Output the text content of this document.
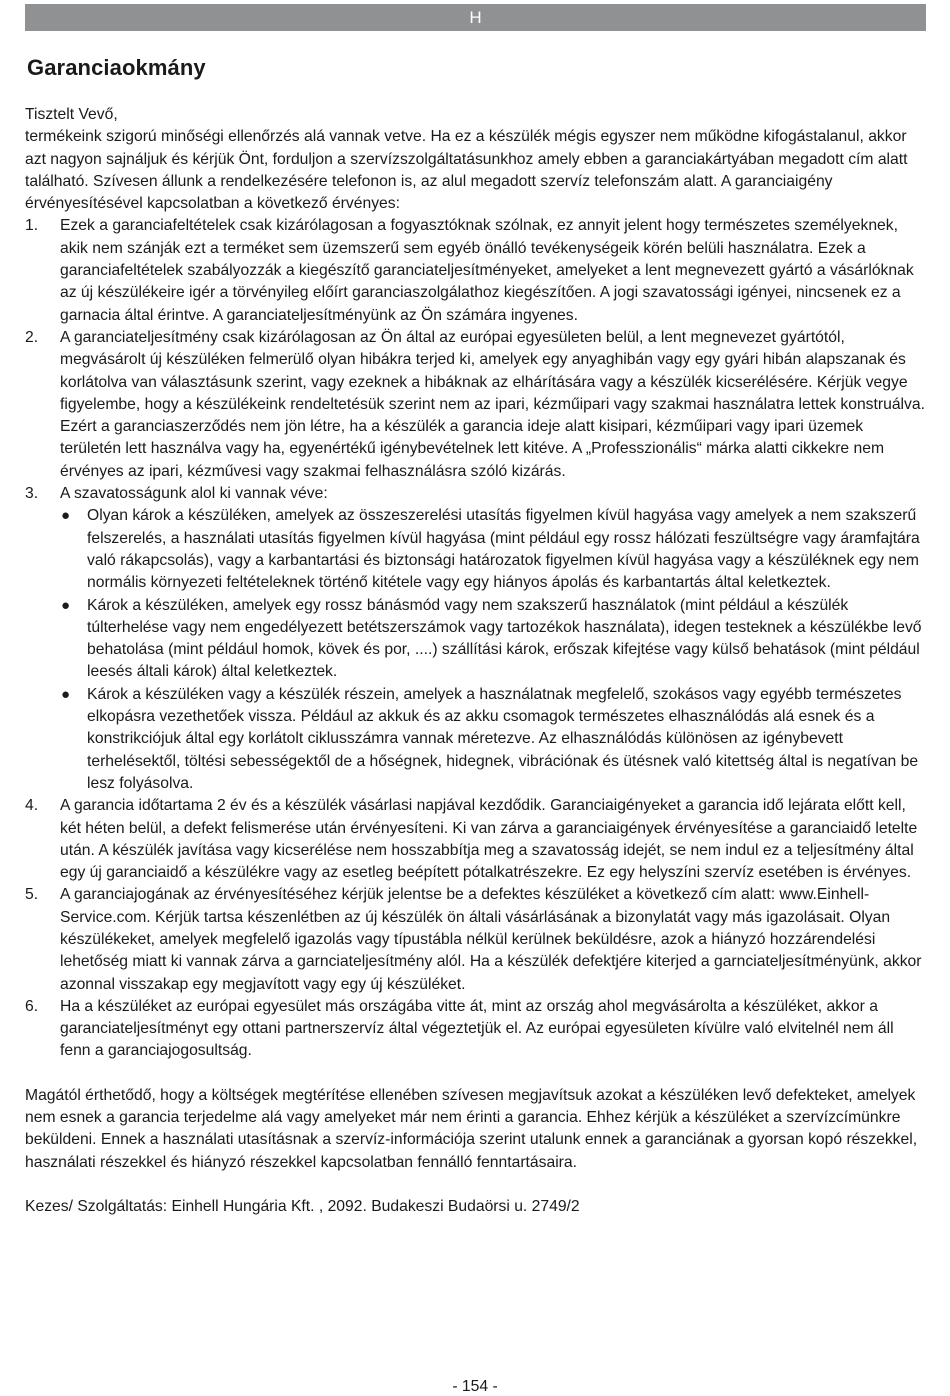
H
Garanciaokmány

Tisztelt Vevő,

termékeink szigorú minőségi ellenőrzés alá vannak vetve. Ha ez a készülék mégis egyszer nem működne kifogástalanul, akkor azt nagyon sajnáljuk és kérjük Önt, forduljon a szervízszolgáltatásunkhoz amely ebben a garanciakártyában megadott cím alatt található. Szívesen állunk a rendelkezésére telefonon is, az alul megadott szervíz telefonszám alatt. A garanciaigény érvényesítésével kapcsolatban a következő érvényes:

1.	Ezek a garanciafeltételek csak kizárólagosan a fogyasztóknak szólnak, ez annyit jelent hogy természetes személyeknek, akik nem szánják ezt a terméket sem üzemszerű sem egyéb önálló tevékenységeik körén belüli használatra. Ezek a garanciafeltételek szabályozzák a kiegészítő garanciateljesítményeket, amelyeket a lent megnevezett gyártó a vásárlóknak az új készülékeire igér a törvényileg előírt garanciaszolgálathoz kiegészítően. A jogi szavatossági igényei, nincsenek ez a garnacia által érintve. A garanciateljesítményünk az Ön számára ingyenes.
2.	A garanciateljesítmény csak kizárólagosan az Ön által az európai egyesületen belül, a lent megnevezet gyártótól, megvásárolt új készüléken felmerülő olyan hibákra terjed ki, amelyek egy anyaghibán vagy egy gyári hibán alapszanak és korlátolva van választásunk szerint, vagy ezeknek a hibáknak az elhárítására vagy a készülék kicserélésére. Kérjük vegye figyelembe, hogy a készülékeink rendeltetésük szerint nem az ipari, kézműipari vagy szakmai használatra lettek konstruálva. Ezért a garanciaszerződés nem jön létre, ha a készülék a garancia ideje alatt kisipari, kézműipari vagy ipari üzemek területén lett használva vagy ha, egyenértékű igénybevételnek lett kitéve. A „Professzionális“ márka alatti cikkekre nem érvényes az ipari, kézművesi vagy szakmai felhasználásra szóló kizárás.
3.	A szavatosságunk alol ki vannak véve:
●	Olyan károk a készüléken, amelyek az összeszerelési utasítás figyelmen kívül hagyása vagy amelyek a nem szakszerű felszerelés, a használati utasítás figyelmen kívül hagyása (mint például egy rossz hálózati feszültségre vagy áramfajtára való rákapcsolás), vagy a karbantartási és biztonsági határozatok figyelmen kívül hagyása vagy a készüléknek egy nem normális környezeti feltételeknek történő kitétele vagy egy hiányos ápolás és karbantartás által keletkeztek.
●	Károk a készüléken, amelyek egy rossz bánásmód vagy nem szakszerű használatok (mint például a készülék túlterhelése vagy nem engedélyezett betétszerszámok vagy tartozékok használata), idegen testeknek a készülékbe levő behatolása (mint például homok, kövek és por, ....) szállítási károk, erőszak kifejtése vagy külső behatások (mint például leesés általi károk) által keletkeztek.
●	Károk a készüléken vagy a készülék részein, amelyek a használatnak megfelelő, szokásos vagy egyébb természetes elkopásra vezethetőek vissza. Például az akkuk és az akku csomagok természetes elhasználódás alá esnek és a konstrikciójuk által egy korlátolt ciklusszámra vannak méretezve. Az elhasználódás különösen az igénybevett terhelésektől, töltési sebességektől de a hőségnek, hidegnek, vibrációnak és ütésnek való kitettség által is negatívan be lesz folyásolva.
4.	A garancia időtartama 2 év és a készülék vásárlasi napjával kezdődik. Garanciaigényeket a garancia idő lejárata előtt kell, két héten belül, a defekt felismerése után érvényesíteni. Ki van zárva a garanciaigények érvényesítése a garanciaidő letelte után. A készülék javítása vagy kicserélése nem hosszabbítja meg a szavatosság idejét, se nem indul ez a teljesítmény által egy új garanciaidő a készülékre vagy az esetleg beépített pótalkatrészekre. Ez egy helyszíni szervíz esetében is érvényes.
5.	A garanciajogának az érvényesítéséhez kérjük jelentse be a defektes készüléket a következő cím alatt: www.Einhell-Service.com. Kérjük tartsa készenlétben az új készülék ön általi vásárlásának a bizonylatát vagy más igazolásait. Olyan készülékeket, amelyek megfelelő igazolás vagy típustábla nélkül kerülnek beküldésre, azok a hiányzó hozzárendelési lehetőség miatt ki vannak zárva a garnciateljesítmény alól. Ha a készülék defektjére kiterjed a garnciateljesítményünk, akkor azonnal visszakap egy megjavított vagy egy új készüléket.
6.	Ha a készüléket az európai egyesület más országába vitte át, mint az ország ahol megvásárolta a készüléket, akkor a garanciateljesítményt egy ottani partnerszervíz által végeztetjük el. Az európai egyesületen kívülre való elvitelnél nem áll fenn a garanciajogosultság.

Magától érthetődő, hogy a költségek megtérítése ellenében szívesen megjavítsuk azokat a készüléken levő defekteket, amelyek nem esnek a garancia terjedelme alá vagy amelyeket már nem érinti a garancia. Ehhez kérjük a készüléket a szervízcímünkre beküldeni. Ennek a használati utasításnak a szervíz-információja szerint utalunk ennek a garanciának a gyorsan kopó részekkel, használati részekkel és hiányzó részekkel kapcsolatban fennálló fenntartásaira.

Kezes/ Szolgáltatás: Einhell Hungária Kft. , 2092. Budakeszi Budaörsi u. 2749/2

- 154 -
